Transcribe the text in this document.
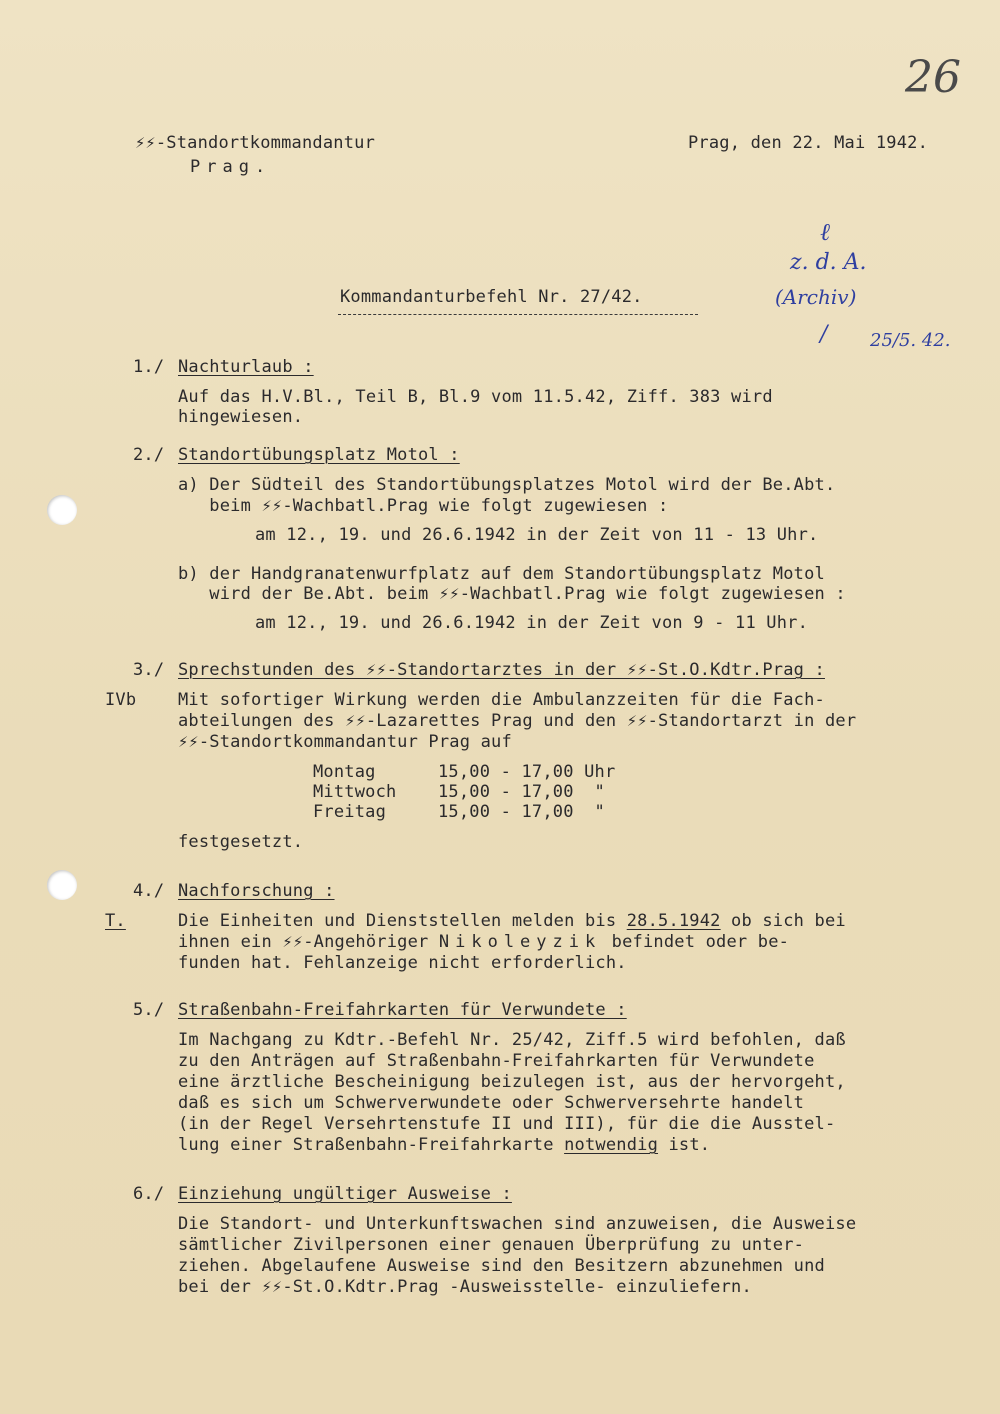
26
⚡⚡-Standortkommandantur
Prag.
Prag, den 22. Mai 1942.
Kommandanturbefehl Nr. 27/42.
ℓ
z. d. A.
(Archiv)
/ 25/5. 42.
1./ Nachturlaub :
Auf das H.V.Bl., Teil B, Bl.9 vom 11.5.42, Ziff. 383 wird
hingewiesen.
2./ Standortübungsplatz Motol :
a) Der Südteil des Standortübungsplatzes Motol wird der Be.Abt.
beim ⚡⚡-Wachbatl.Prag wie folgt zugewiesen :
am 12., 19. und 26.6.1942 in der Zeit von 11 - 13 Uhr.
b) der Handgranatenwurfplatz auf dem Standortübungsplatz Motol
wird der Be.Abt. beim ⚡⚡-Wachbatl.Prag wie folgt zugewiesen :
am 12., 19. und 26.6.1942 in der Zeit von 9 - 11 Uhr.
3./ Sprechstunden des ⚡⚡-Standortarztes in der ⚡⚡-St.O.Kdtr.Prag :
IVb Mit sofortiger Wirkung werden die Ambulanzzeiten für die Fach-
abteilungen des ⚡⚡-Lazarettes Prag und den ⚡⚡-Standortarzt in der
⚡⚡-Standortkommandantur Prag auf
Montag	15,00 - 17,00 Uhr
Mittwoch 15,00 - 17,00  "
Freitag	15,00 - 17,00  "
festgesetzt.
4./ Nachforschung :
T.	Die Einheiten und Dienststellen melden bis 28.5.1942 ob sich bei
ihnen ein ⚡⚡-Angehöriger Nikoleyzik befindet oder be-
funden hat. Fehlanzeige nicht erforderlich.
5./ Straßenbahn-Freifahrkarten für Verwundete :
Im Nachgang zu Kdtr.-Befehl Nr. 25/42, Ziff.5 wird befohlen, daß
zu den Anträgen auf Straßenbahn-Freifahrkarten für Verwundete
eine ärztliche Bescheinigung beizulegen ist, aus der hervorgeht,
daß es sich um Schwerverwundete oder Schwerversehrte handelt
(in der Regel Versehrtenstufe II und III), für die die Ausstel-
lung einer Straßenbahn-Freifahrkarte notwendig ist.
6./ Einziehung ungültiger Ausweise :
Die Standort- und Unterkunftswachen sind anzuweisen, die Ausweise
sämtlicher Zivilpersonen einer genauen Überprüfung zu unter-
ziehen. Abgelaufene Ausweise sind den Besitzern abzunehmen und
bei der ⚡⚡-St.O.Kdtr.Prag -Ausweisstelle- einzuliefern.
